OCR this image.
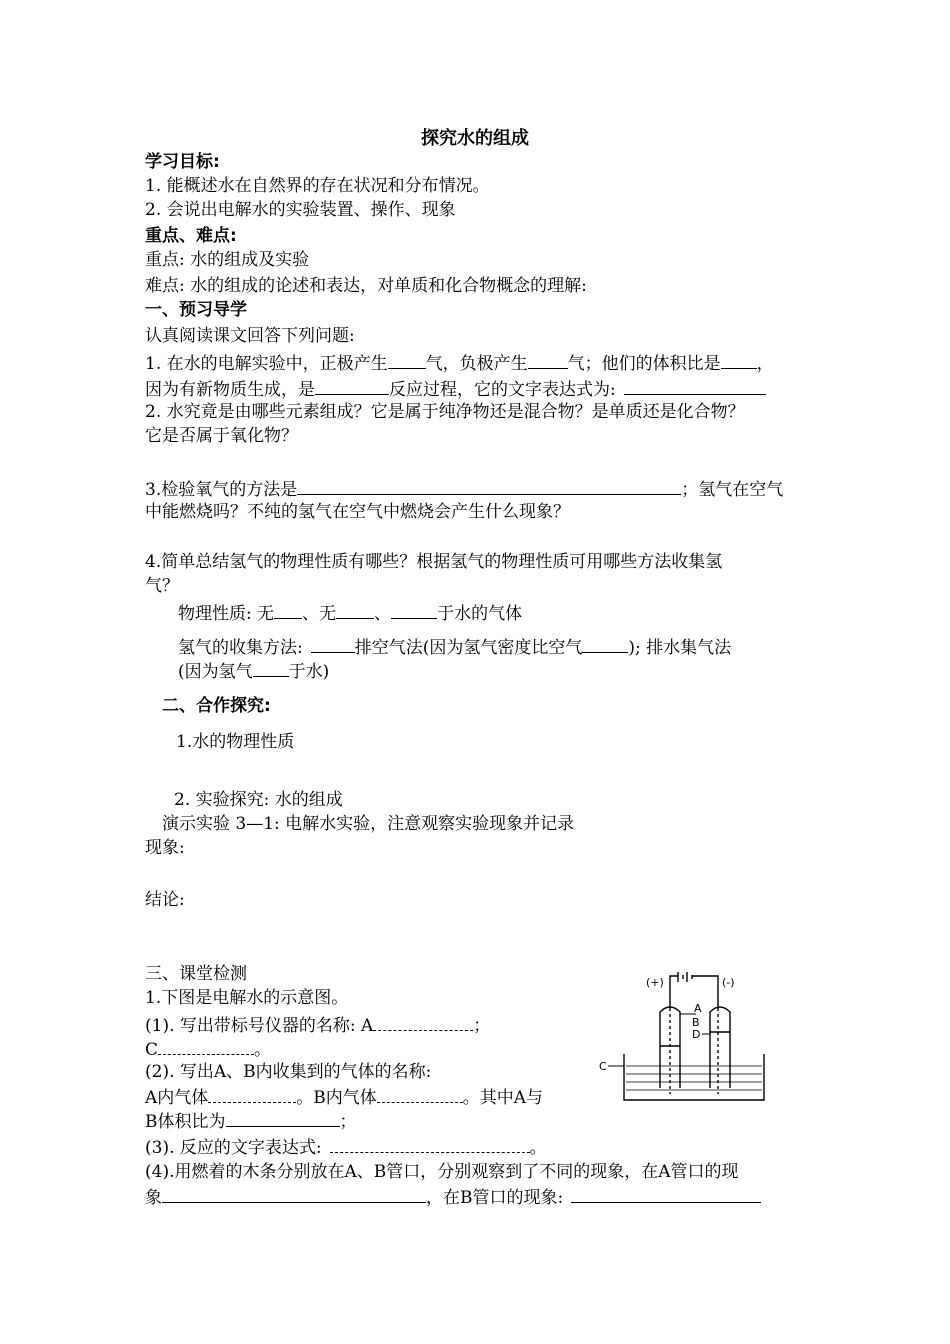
探究水的组成
学习目标:
1. 能概述水在自然界的存在状况和分布情况。
2. 会说出电解水的实验装置、操作、现象
重点、难点:
重点: 水的组成及实验
难点: 水的组成的论述和表达，对单质和化合物概念的理解:
一、预习导学
认真阅读课文回答下列问题:
1. 在水的电解实验中，正极产生 气，负极产生 气；他们的体积比是 ，
因为有新物质生成，是	反应过程，它的文字表达式为:
2. 水究竟是由哪些元素组成？它是属于纯净物还是混合物？是单质还是化合物？
它是否属于氧化物？
3.检验氧气的方法是	；氢气在空气
中能燃烧吗？不纯的氢气在空气中燃烧会产生什么现象？
4.简单总结氢气的物理性质有哪些？根据氢气的物理性质可用哪些方法收集氢
气？
物理性质: 无 、无 、	于水的气体
氢气的收集方法:	排空气法(因为氢气密度比空气	); 排水集气法
(因为氢气 于水)
二、合作探究:
1.水的物理性质
2. 实验探究: 水的组成
演示实验 3—1: 电解水实验，注意观察实验现象并记录
现象:
结论:
三、课堂检测
1.下图是电解水的示意图。
(1). 写出带标号仪器的名称: A	；
C	。
(2). 写出A、B内收集到的气体的名称:
A内气体	。B内气体	。其中A与
B体积比为	；
(3). 反应的文字表达式:	。
(4).用燃着的木条分别放在A、B管口，分别观察到了不同的现象，在A管口的现
象	，在B管口的现象:
(+)	(-)
A
B
D
C
